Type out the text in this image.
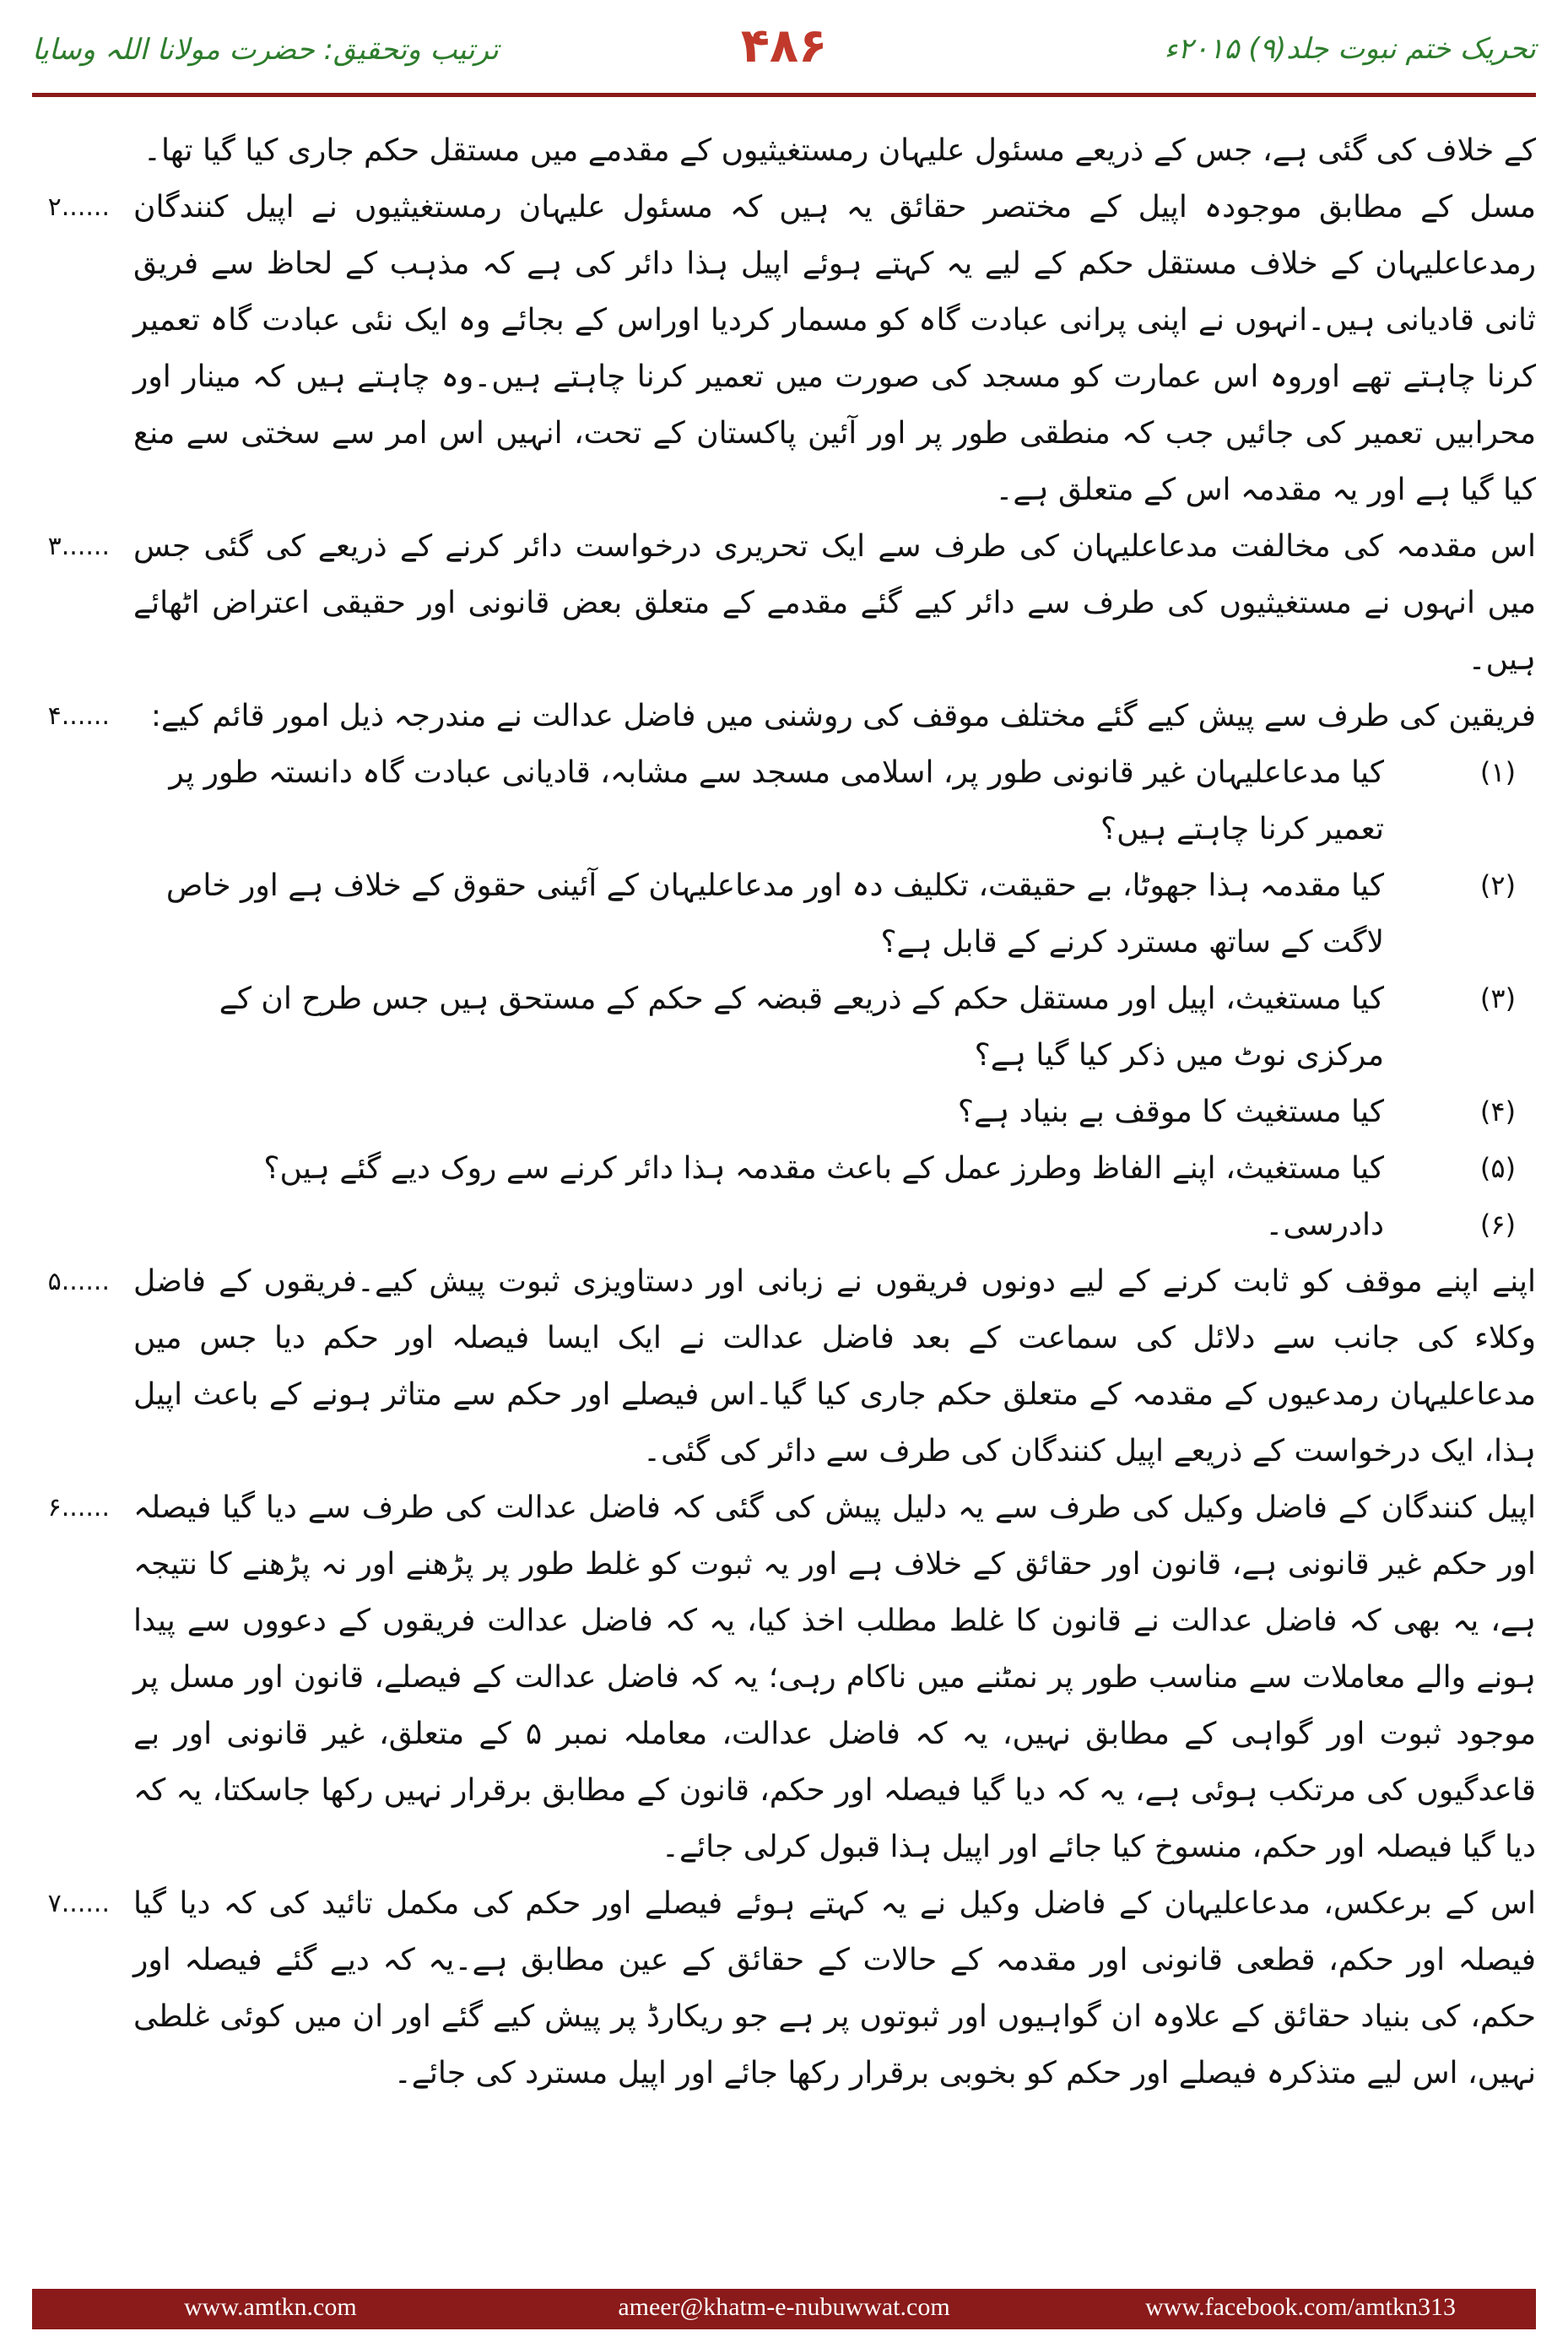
ترتیب وتحقیق: حضرت مولانا اللہ وسایا	۴۸۶	تحریک ختم نبوت جلد(۹) ۲۰۱۵ء
کے خلاف کی گئی ہے، جس کے ذریعے مسئول علیہان رمستغیثیوں کے مقدمے میں مستقل حکم جاری کیا گیا تھا۔
۲...... مسل کے مطابق موجودہ اپیل کے مختصر حقائق یہ ہیں کہ مسئول علیہان رمستغیثیوں نے اپیل کنندگان رمدعاعلیہان کے خلاف مستقل حکم کے لیے یہ کہتے ہوئے اپیل ہذا دائر کی ہے کہ مذہب کے لحاظ سے فریق ثانی قادیانی ہیں۔انہوں نے اپنی پرانی عبادت گاہ کو مسمار کردیا اوراس کے بجائے وہ ایک نئی عبادت گاہ تعمیر کرنا چاہتے تھے اوروہ اس عمارت کو مسجد کی صورت میں تعمیر کرنا چاہتے ہیں۔وہ چاہتے ہیں کہ مینار اور محرابیں تعمیر کی جائیں جب کہ منطقی طور پر اور آئین پاکستان کے تحت، انہیں اس امر سے سختی سے منع کیا گیا ہے اور یہ مقدمہ اس کے متعلق ہے۔
۳...... اس مقدمہ کی مخالفت مدعاعلیہان کی طرف سے ایک تحریری درخواست دائر کرنے کے ذریعے کی گئی جس میں انہوں نے مستغیثیوں کی طرف سے دائر کیے گئے مقدمے کے متعلق بعض قانونی اور حقیقی اعتراض اٹھائے ہیں۔
۴......	فریقین کی طرف سے پیش کیے گئے مختلف موقف کی روشنی میں فاضل عدالت نے مندرجہ ذیل امور قائم کیے:
(۱)
کیا مدعاعلیہان غیر قانونی طور پر، اسلامی مسجد سے مشابہ، قادیانی عبادت گاہ دانستہ طور پر تعمیر کرنا چاہتے ہیں؟
(۲)
کیا مقدمہ ہذا جھوٹا، بے حقیقت، تکلیف دہ اور مدعاعلیہان کے آئینی حقوق کے خلاف ہے اور خاص لاگت کے ساتھ مسترد کرنے کے قابل ہے؟
(۳)
کیا مستغیث، اپیل اور مستقل حکم کے ذریعے قبضہ کے حکم کے مستحق ہیں جس طرح ان کے مرکزی نوٹ میں ذکر کیا گیا ہے؟
(۴)
کیا مستغیث کا موقف بے بنیاد ہے؟
(۵)
کیا مستغیث، اپنے الفاظ وطرز عمل کے باعث مقدمہ ہذا دائر کرنے سے روک دیے گئے ہیں؟
(۶)
دادرسی۔
۵...... اپنے اپنے موقف کو ثابت کرنے کے لیے دونوں فریقوں نے زبانی اور دستاویزی ثبوت پیش کیے۔فریقوں کے فاضل وکلاء کی جانب سے دلائل کی سماعت کے بعد فاضل عدالت نے ایک ایسا فیصلہ اور حکم دیا جس میں مدعاعلیہان رمدعیوں کے مقدمہ کے متعلق حکم جاری کیا گیا۔اس فیصلے اور حکم سے متاثر ہونے کے باعث اپیل ہذا، ایک درخواست کے ذریعے اپیل کنندگان کی طرف سے دائر کی گئی۔
۶...... اپیل کنندگان کے فاضل وکیل کی طرف سے یہ دلیل پیش کی گئی کہ فاضل عدالت کی طرف سے دیا گیا فیصلہ اور حکم غیر قانونی ہے، قانون اور حقائق کے خلاف ہے اور یہ ثبوت کو غلط طور پر پڑھنے اور نہ پڑھنے کا نتیجہ ہے، یہ بھی کہ فاضل عدالت نے قانون کا غلط مطلب اخذ کیا، یہ کہ فاضل عدالت فریقوں کے دعووں سے پیدا ہونے والے معاملات سے مناسب طور پر نمٹنے میں ناکام رہی؛ یہ کہ فاضل عدالت کے فیصلے، قانون اور مسل پر موجود ثبوت اور گواہی کے مطابق نہیں، یہ کہ فاضل عدالت، معاملہ نمبر ۵ کے متعلق، غیر قانونی اور بے قاعدگیوں کی مرتکب ہوئی ہے، یہ کہ دیا گیا فیصلہ اور حکم، قانون کے مطابق برقرار نہیں رکھا جاسکتا، یہ کہ دیا گیا فیصلہ اور حکم، منسوخ کیا جائے اور اپیل ہذا قبول کرلی جائے۔
۷...... اس کے برعکس، مدعاعلیہان کے فاضل وکیل نے یہ کہتے ہوئے فیصلے اور حکم کی مکمل تائید کی کہ دیا گیا فیصلہ اور حکم، قطعی قانونی اور مقدمہ کے حالات کے حقائق کے عین مطابق ہے۔یہ کہ دیے گئے فیصلہ اور حکم، کی بنیاد حقائق کے علاوہ ان گواہیوں اور ثبوتوں پر ہے جو ریکارڈ پر پیش کیے گئے اور ان میں کوئی غلطی نہیں، اس لیے متذکرہ فیصلے اور حکم کو بخوبی برقرار رکھا جائے اور اپیل مسترد کی جائے۔
www.amtkn.com	ameer@khatm-e-nubuwwat.com	www.facebook.com/amtkn313
